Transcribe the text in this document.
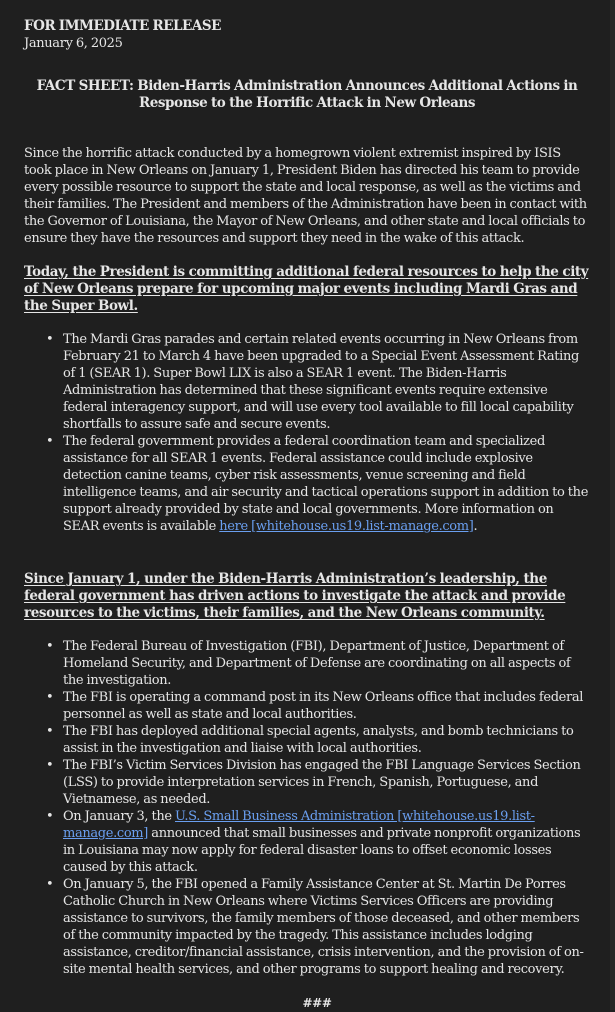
FOR IMMEDIATE RELEASE
January 6, 2025
FACT SHEET: Biden-Harris Administration Announces Additional Actions in Response to the Horrific Attack in New Orleans
Since the horrific attack conducted by a homegrown violent extremist inspired by ISIS took place in New Orleans on January 1, President Biden has directed his team to provide every possible resource to support the state and local response, as well as the victims and their families. The President and members of the Administration have been in contact with the Governor of Louisiana, the Mayor of New Orleans, and other state and local officials to ensure they have the resources and support they need in the wake of this attack.
Today, the President is committing additional federal resources to help the city of New Orleans prepare for upcoming major events including Mardi Gras and the Super Bowl.
• The Mardi Gras parades and certain related events occurring in New Orleans from February 21 to March 4 have been upgraded to a Special Event Assessment Rating of 1 (SEAR 1). Super Bowl LIX is also a SEAR 1 event. The Biden-Harris Administration has determined that these significant events require extensive federal interagency support, and will use every tool available to fill local capability shortfalls to assure safe and secure events.
• The federal government provides a federal coordination team and specialized assistance for all SEAR 1 events. Federal assistance could include explosive detection canine teams, cyber risk assessments, venue screening and field intelligence teams, and air security and tactical operations support in addition to the support already provided by state and local governments. More information on SEAR events is available here [whitehouse.us19.list-manage.com].
Since January 1, under the Biden-Harris Administration’s leadership, the federal government has driven actions to investigate the attack and provide resources to the victims, their families, and the New Orleans community.
• The Federal Bureau of Investigation (FBI), Department of Justice, Department of Homeland Security, and Department of Defense are coordinating on all aspects of the investigation.
• The FBI is operating a command post in its New Orleans office that includes federal personnel as well as state and local authorities.
• The FBI has deployed additional special agents, analysts, and bomb technicians to assist in the investigation and liaise with local authorities.
• The FBI’s Victim Services Division has engaged the FBI Language Services Section (LSS) to provide interpretation services in French, Spanish, Portuguese, and Vietnamese, as needed.
• On January 3, the U.S. Small Business Administration [whitehouse.us19.list-manage.com] announced that small businesses and private nonprofit organizations in Louisiana may now apply for federal disaster loans to offset economic losses caused by this attack.
• On January 5, the FBI opened a Family Assistance Center at St. Martin De Porres Catholic Church in New Orleans where Victims Services Officers are providing assistance to survivors, the family members of those deceased, and other members of the community impacted by the tragedy. This assistance includes lodging assistance, creditor/financial assistance, crisis intervention, and the provision of on-site mental health services, and other programs to support healing and recovery.
###
